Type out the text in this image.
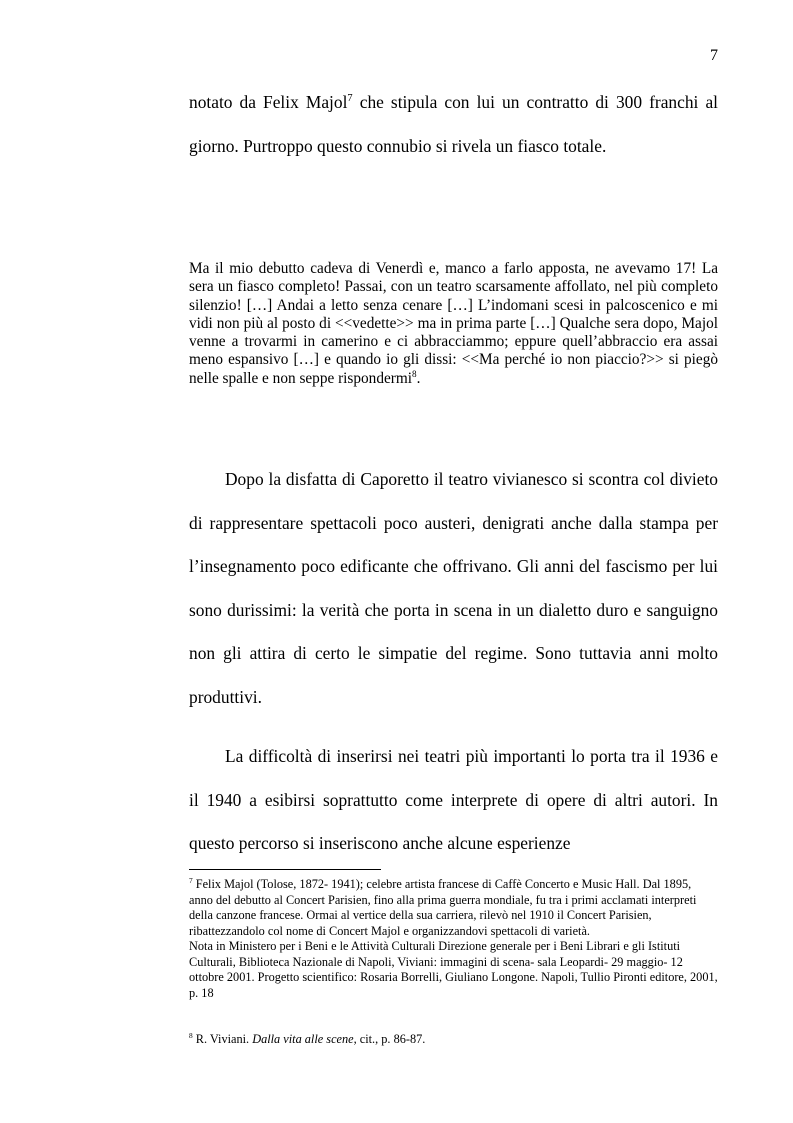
7

notato da Felix Majol$^7$ che stipula con lui un contratto di 300 franchi al giorno. Purtroppo questo connubio si rivela un fiasco totale.

Ma il mio debutto cadeva di Venerdì e, manco a farlo apposta, ne avevamo 17! La sera un fiasco completo! Passai, con un teatro scarsamente affollato, nel più completo silenzio! […] Andai a letto senza cenare […] L’indomani scesi in palcoscenico e mi vidi non più al posto di <<vedette>> ma in prima parte […] Qualche sera dopo, Majol venne a trovarmi in camerino e ci abbracciammo; eppure quell’abbraccio era assai meno espansivo […] e quando io gli dissi: <<Ma perché io non piaccio?>> si piegò nelle spalle e non seppe rispondermi$^8$.

Dopo la disfatta di Caporetto il teatro vivianesco si scontra col divieto di rappresentare spettacoli poco austeri, denigrati anche dalla stampa per l’insegnamento poco edificante che offrivano. Gli anni del fascismo per lui sono durissimi: la verità che porta in scena in un dialetto duro e sanguigno non gli attira di certo le simpatie del regime. Sono tuttavia anni molto produttivi.

La difficoltà di inserirsi nei teatri più importanti lo porta tra il 1936 e il 1940 a esibirsi soprattutto come interprete di opere di altri autori. In questo percorso si inseriscono anche alcune esperienze

$^7$ Felix Majol (Tolose, 1872- 1941); celebre artista francese di Caffè Concerto e Music Hall. Dal 1895, anno del debutto al Concert Parisien, fino alla prima guerra mondiale, fu tra i primi acclamati interpreti della canzone francese. Ormai al vertice della sua carriera, rilevò nel 1910 il Concert Parisien, ribattezzandolo col nome di Concert Majol e organizzandovi spettacoli di varietà.
Nota in Ministero per i Beni e le Attività Culturali Direzione generale per i Beni Librari e gli Istituti Culturali, Biblioteca Nazionale di Napoli, Viviani: immagini di scena- sala Leopardi- 29 maggio- 12 ottobre 2001. Progetto scientifico: Rosaria Borrelli, Giuliano Longone. Napoli, Tullio Pironti editore, 2001, p. 18

$^8$ R. Viviani. Dalla vita alle scene, cit., p. 86-87.
